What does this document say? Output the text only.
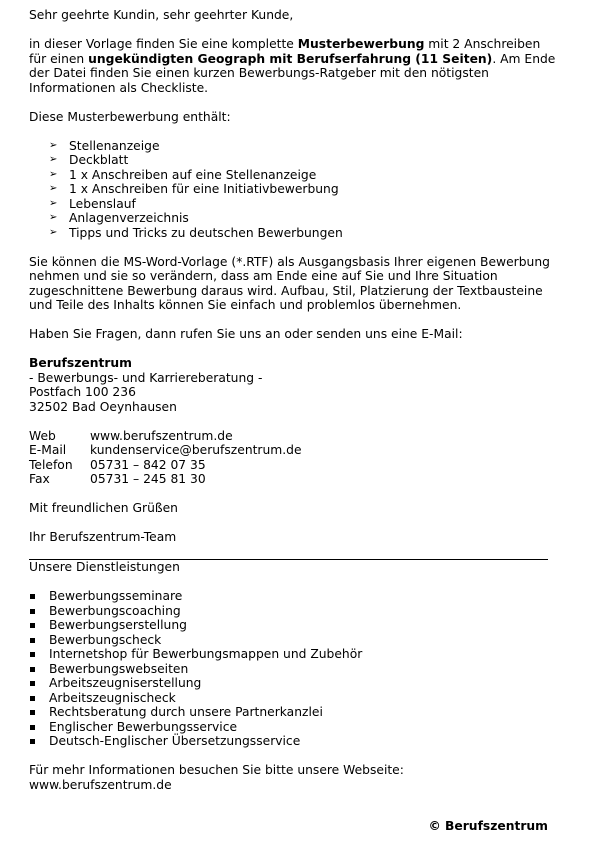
Sehr geehrte Kundin, sehr geehrter Kunde,

in dieser Vorlage finden Sie eine komplette Musterbewerbung mit 2 Anschreiben für einen ungekündigten Geograph mit Berufserfahrung (11 Seiten). Am Ende der Datei finden Sie einen kurzen Bewerbungs-Ratgeber mit den nötigsten Informationen als Checkliste.

Diese Musterbewerbung enthält:

➢ Stellenanzeige
➢ Deckblatt
➢ 1 x Anschreiben auf eine Stellenanzeige
➢ 1 x Anschreiben für eine Initiativbewerbung
➢ Lebenslauf
➢ Anlagenverzeichnis
➢ Tipps und Tricks zu deutschen Bewerbungen

Sie können die MS-Word-Vorlage (*.RTF) als Ausgangsbasis Ihrer eigenen Bewerbung nehmen und sie so verändern, dass am Ende eine auf Sie und Ihre Situation zugeschnittene Bewerbung daraus wird. Aufbau, Stil, Platzierung der Textbausteine und Teile des Inhalts können Sie einfach und problemlos übernehmen.

Haben Sie Fragen, dann rufen Sie uns an oder senden uns eine E-Mail:

Berufszentrum

- Bewerbungs- und Karriereberatung -

Postfach 100 236

32502 Bad Oeynhausen

Web	www.berufszentrum.de
E-Mail	kundenservice@berufszentrum.de
Telefon	05731 – 842 07 35
Fax	05731 – 245 81 30

Mit freundlichen Grüßen

Ihr Berufszentrum-Team

Unsere Dienstleistungen

Bewerbungsseminare
Bewerbungscoaching
Bewerbungserstellung
Bewerbungscheck
Internetshop für Bewerbungsmappen und Zubehör
Bewerbungswebseiten
Arbeitszeugniserstellung
Arbeitszeugnischeck
Rechtsberatung durch unsere Partnerkanzlei
Englischer Bewerbungsservice
Deutsch-Englischer Übersetzungsservice
Für mehr Informationen besuchen Sie bitte unsere Webseite: www.berufszentrum.de
© Berufszentrum
